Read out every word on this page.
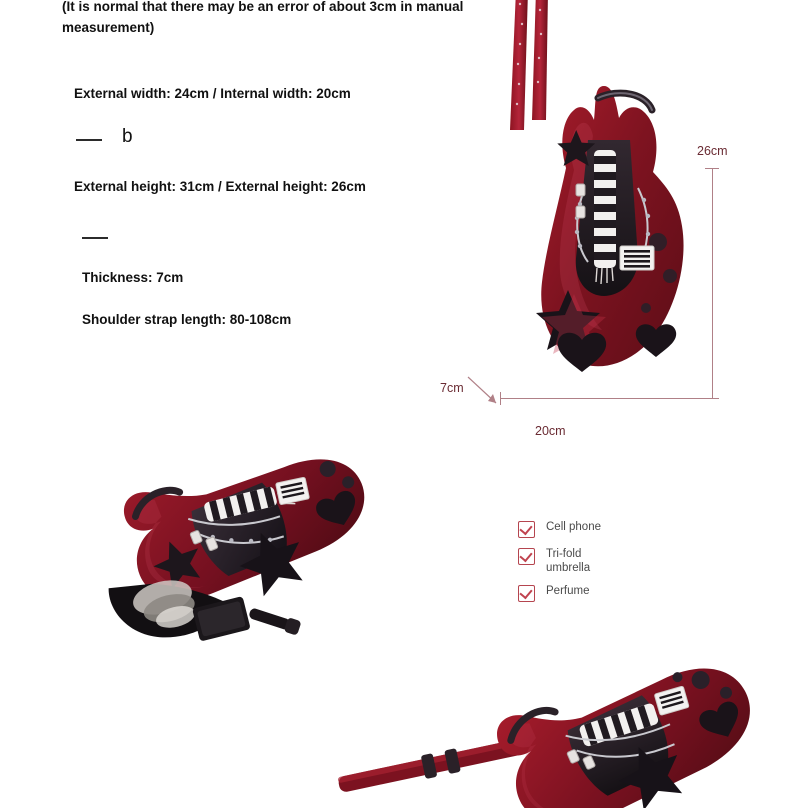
(It is normal that there may be an error of about 3cm in manual measurement)
External width: 24cm / Internal width: 20cm
b
External height: 31cm / External height: 26cm
Thickness: 7cm
Shoulder strap length: 80-108cm
26cm
7cm
20cm
Cell phone
Tri-fold umbrella
Perfume
